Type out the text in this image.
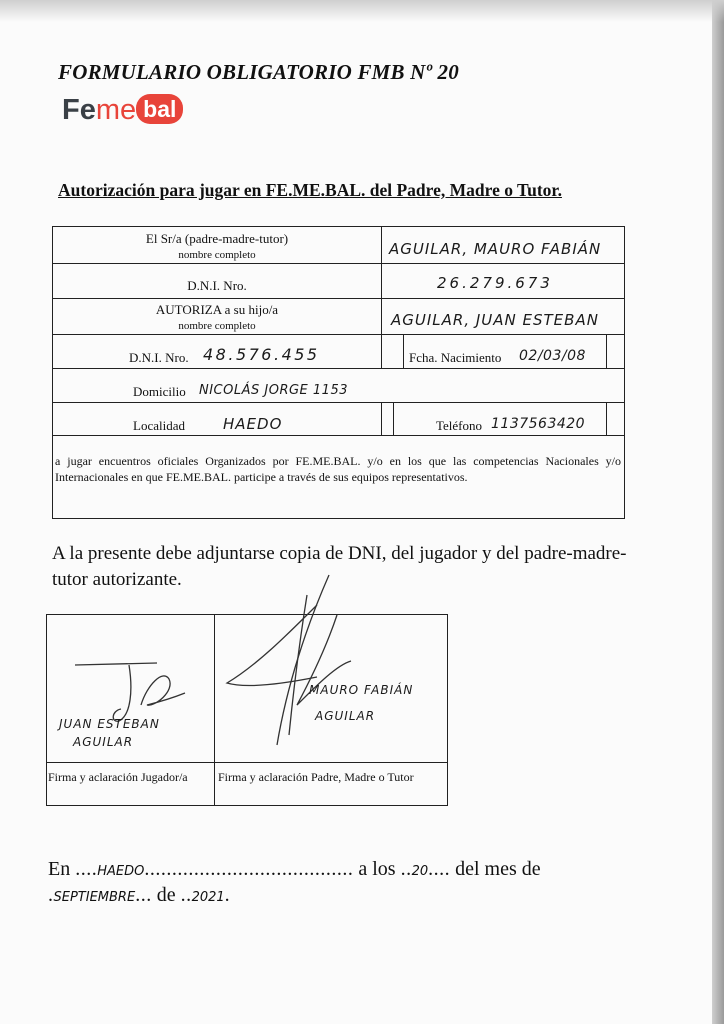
FORMULARIO OBLIGATORIO FMB Nº 20
Feme bal
Autorización para jugar en FE.ME.BAL. del Padre, Madre o Tutor.
El Sr/a (padre-madre-tutor)
nombre completo	AGUILAR, MAURO FABIÁN
D.N.I. Nro.	26.279.673
AUTORIZA a su hijo/a
nombre completo	AGUILAR, JUAN ESTEBAN
D.N.I. Nro. 48.576.455	Fcha. Nacimiento 02/03/08
Domicilio NICOLÁS JORGE 1153
Localidad	HAEDO	Teléfono 1137563420
a jugar encuentros oficiales Organizados por FE.ME.BAL. y/o en los que las competencias Nacionales y/o Internacionales en que FE.ME.BAL. participe a través de sus equipos representativos.
A la presente debe adjuntarse copia de DNI, del jugador y del padre-madre-tutor autorizante.
JUAN ESTEBAN
AGUILAR
MAURO FABIÁN
AGUILAR
Firma y aclaración Jugador/a	Firma y aclaración Padre, Madre o Tutor
En ....HAEDO...................................... a los ..20.... del mes de
.SEPTIEMBRE... de ..2021.
